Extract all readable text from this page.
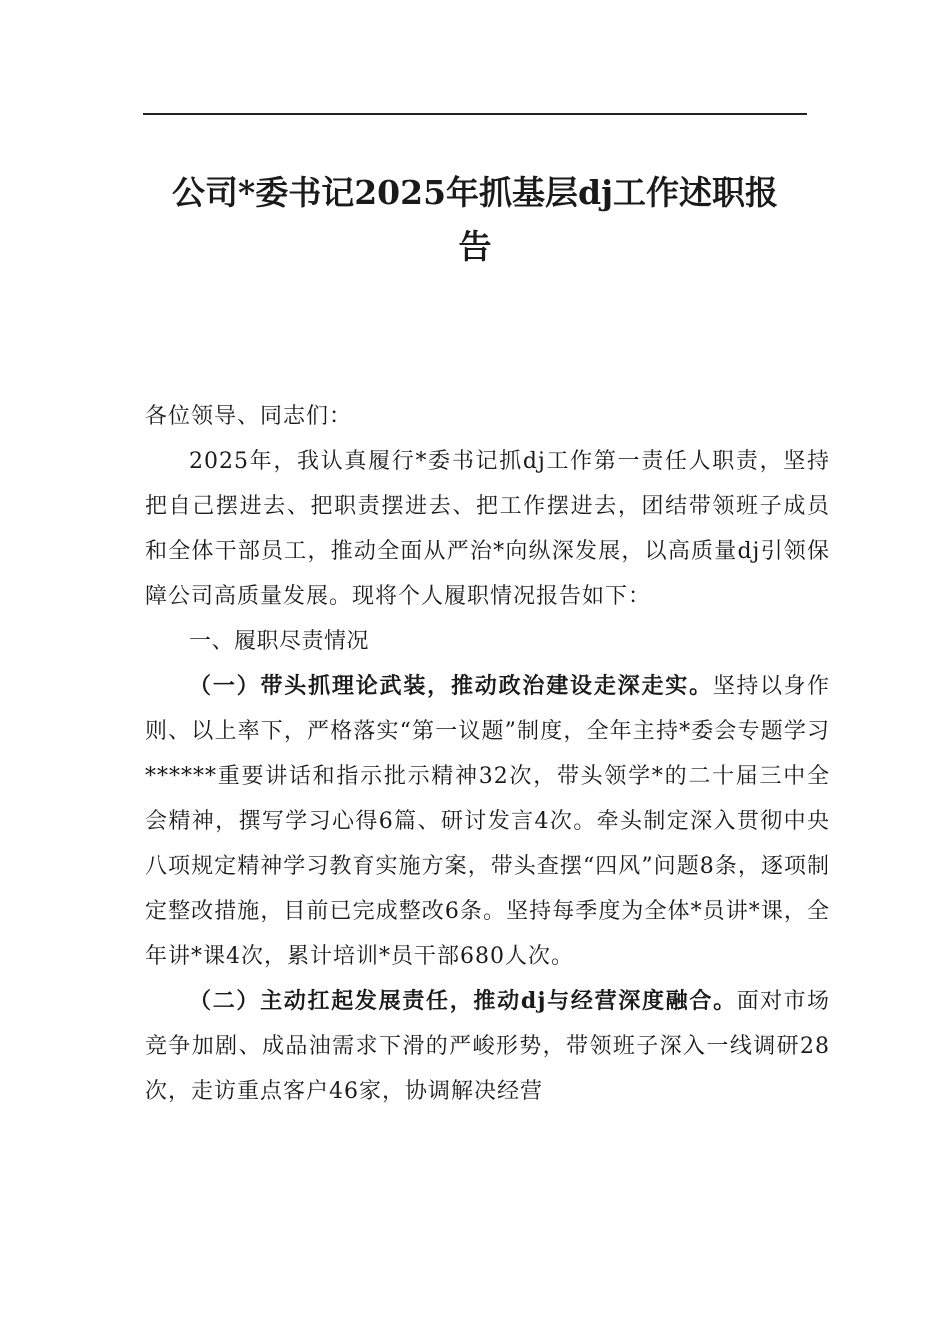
公司*委书记2025年抓基层dj工作述职报
告

各位领导、同志们：

2025年，我认真履行*委书记抓dj工作第一责任人职责，坚持把自己摆进去、把职责摆进去、把工作摆进去，团结带领班子成员和全体干部员工，推动全面从严治*向纵深发展，以高质量dj引领保障公司高质量发展。现将个人履职情况报告如下：

一、履职尽责情况

（一）带头抓理论武装，推动政治建设走深走实。坚持以身作则、以上率下，严格落实“第一议题”制度，全年主持*委会专题学习******重要讲话和指示批示精神32次，带头领学*的二十届三中全会精神，撰写学习心得6篇、研讨发言4次。牵头制定深入贯彻中央八项规定精神学习教育实施方案，带头查摆“四风”问题8条，逐项制定整改措施，目前已完成整改6条。坚持每季度为全体*员讲*课，全年讲*课4次，累计培训*员干部680人次。

（二）主动扛起发展责任，推动dj与经营深度融合。面对市场竞争加剧、成品油需求下滑的严峻形势，带领班子深入一线调研28次，走访重点客户46家，协调解决经营
